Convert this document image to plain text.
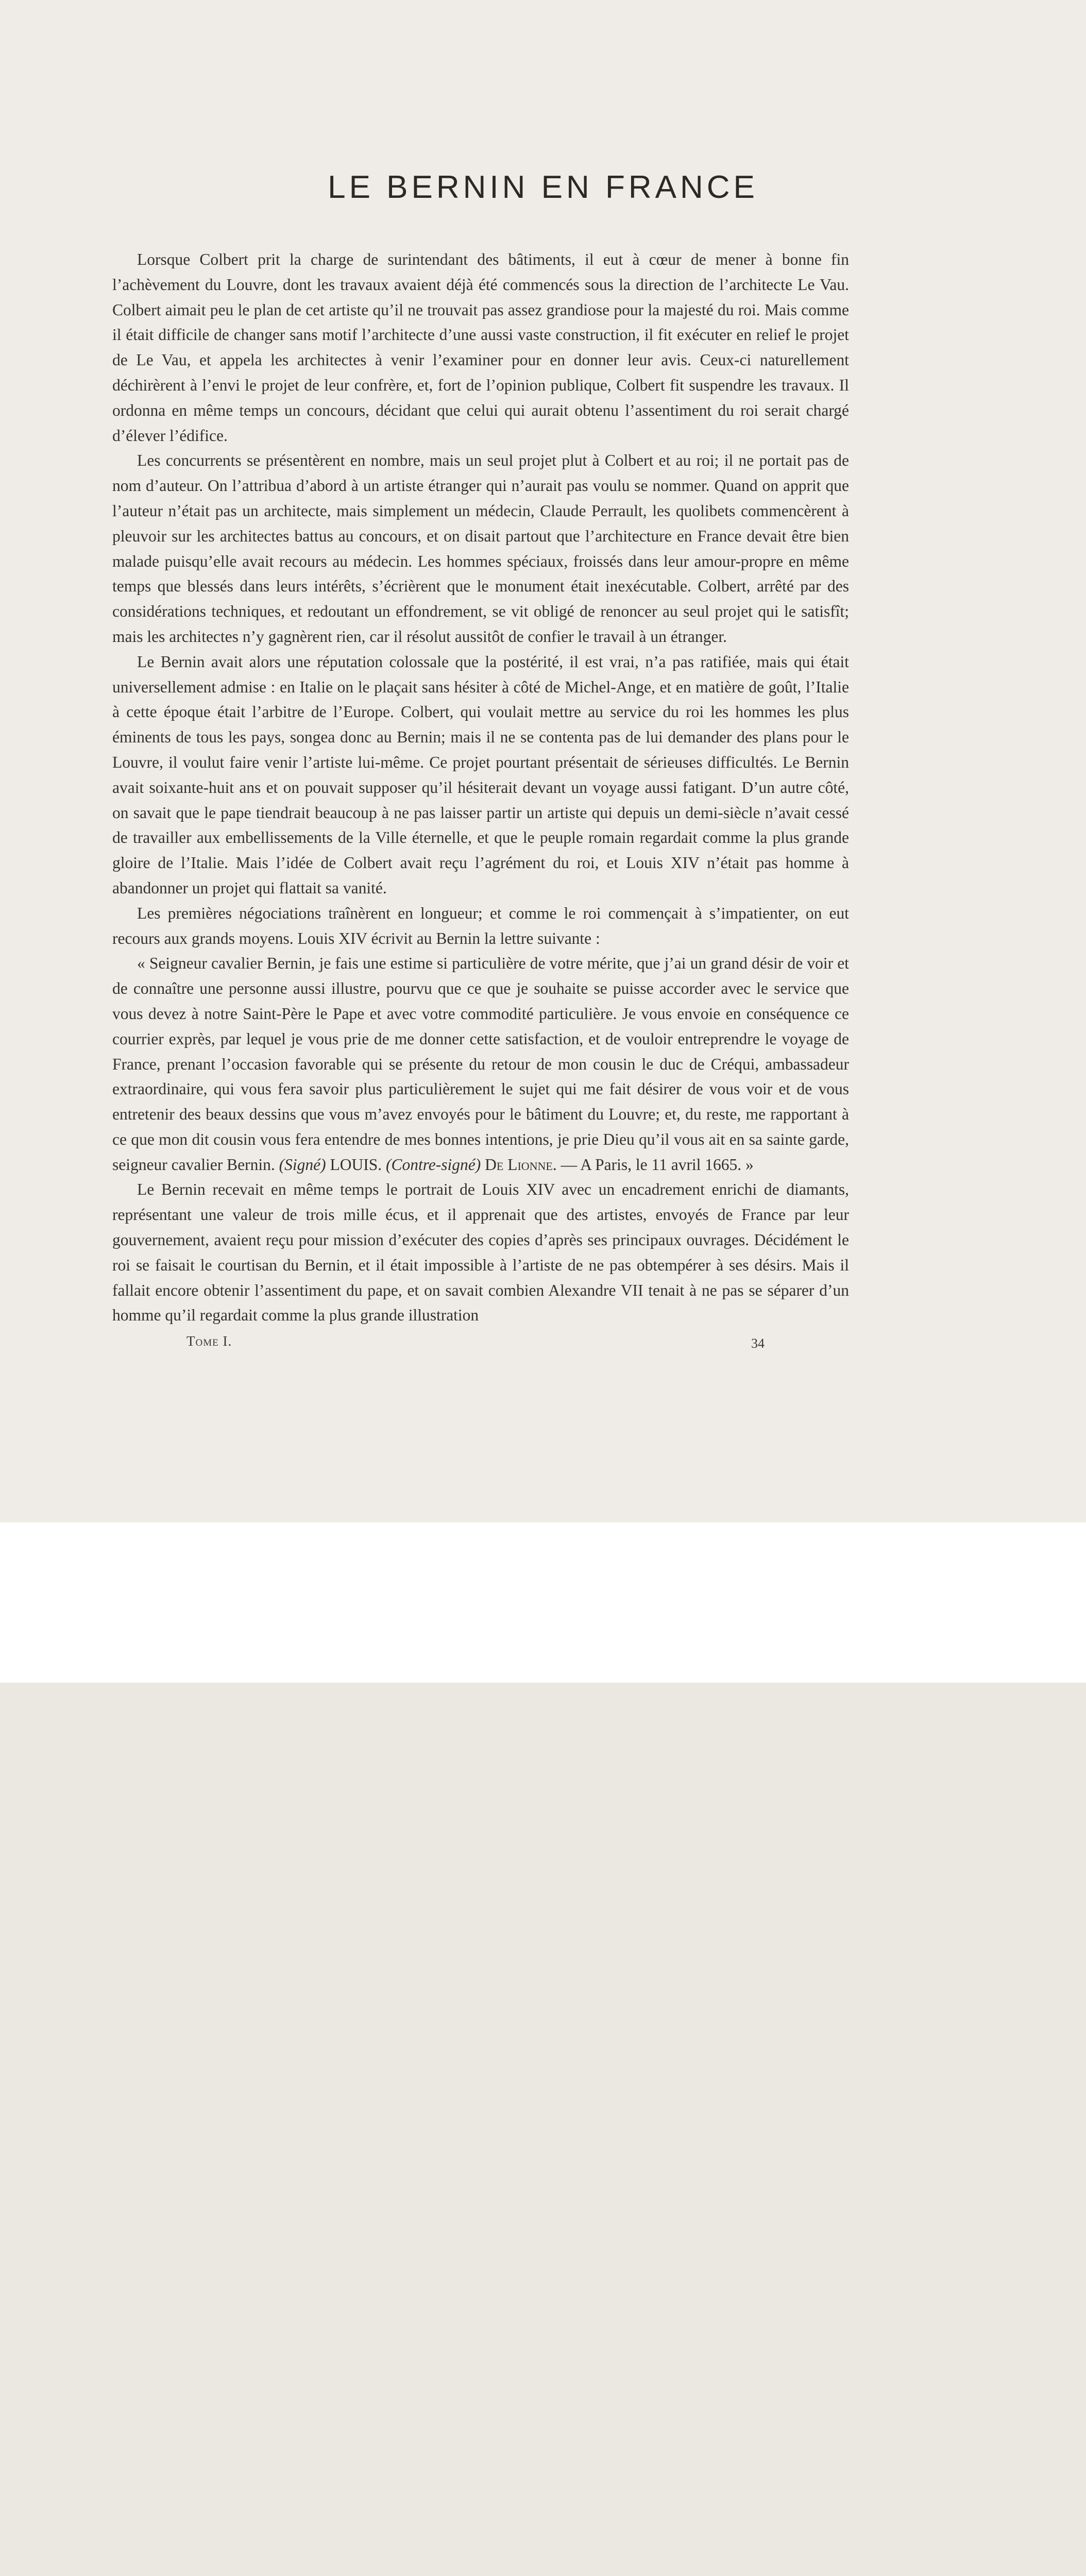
LE BERNIN EN FRANCE

Lorsque Colbert prit la charge de surintendant des bâtiments, il eut à cœur de mener à bonne fin l’achèvement du Louvre, dont les travaux avaient déjà été commencés sous la direction de l’architecte Le Vau. Colbert aimait peu le plan de cet artiste qu’il ne trouvait pas assez grandiose pour la majesté du roi. Mais comme il était difficile de changer sans motif l’architecte d’une aussi vaste construction, il fit exécuter en relief le projet de Le Vau, et appela les architectes à venir l’examiner pour en donner leur avis. Ceux-ci naturellement déchirèrent à l’envi le projet de leur confrère, et, fort de l’opinion publique, Colbert fit suspendre les travaux. Il ordonna en même temps un concours, décidant que celui qui aurait obtenu l’assentiment du roi serait chargé d’élever l’édifice.

Les concurrents se présentèrent en nombre, mais un seul projet plut à Colbert et au roi; il ne portait pas de nom d’auteur. On l’attribua d’abord à un artiste étranger qui n’aurait pas voulu se nommer. Quand on apprit que l’auteur n’était pas un architecte, mais simplement un médecin, Claude Perrault, les quolibets commencèrent à pleuvoir sur les architectes battus au concours, et on disait partout que l’architecture en France devait être bien malade puisqu’elle avait recours au médecin. Les hommes spéciaux, froissés dans leur amour-propre en même temps que blessés dans leurs intérêts, s’écrièrent que le monument était inexécutable. Colbert, arrêté par des considérations techniques, et redoutant un effondrement, se vit obligé de renoncer au seul projet qui le satisfît; mais les architectes n’y gagnèrent rien, car il résolut aussitôt de confier le travail à un étranger.

Le Bernin avait alors une réputation colossale que la postérité, il est vrai, n’a pas ratifiée, mais qui était universellement admise : en Italie on le plaçait sans hésiter à côté de Michel-Ange, et en matière de goût, l’Italie à cette époque était l’arbitre de l’Europe. Colbert, qui voulait mettre au service du roi les hommes les plus éminents de tous les pays, songea donc au Bernin; mais il ne se contenta pas de lui demander des plans pour le Louvre, il voulut faire venir l’artiste lui-même. Ce projet pourtant présentait de sérieuses difficultés. Le Bernin avait soixante-huit ans et on pouvait supposer qu’il hésiterait devant un voyage aussi fatigant. D’un autre côté, on savait que le pape tiendrait beaucoup à ne pas laisser partir un artiste qui depuis un demi-siècle n’avait cessé de travailler aux embellissements de la Ville éternelle, et que le peuple romain regardait comme la plus grande gloire de l’Italie. Mais l’idée de Colbert avait reçu l’agrément du roi, et Louis XIV n’était pas homme à abandonner un projet qui flattait sa vanité.

Les premières négociations traînèrent en longueur; et comme le roi commençait à s’impatienter, on eut recours aux grands moyens. Louis XIV écrivit au Bernin la lettre suivante :

« Seigneur cavalier Bernin, je fais une estime si particulière de votre mérite, que j’ai un grand désir de voir et de connaître une personne aussi illustre, pourvu que ce que je souhaite se puisse accorder avec le service que vous devez à notre Saint-Père le Pape et avec votre commodité particulière. Je vous envoie en conséquence ce courrier exprès, par lequel je vous prie de me donner cette satisfaction, et de vouloir entreprendre le voyage de France, prenant l’occasion favorable qui se présente du retour de mon cousin le duc de Créqui, ambassadeur extraordinaire, qui vous fera savoir plus particulièrement le sujet qui me fait désirer de vous voir et de vous entretenir des beaux dessins que vous m’avez envoyés pour le bâtiment du Louvre; et, du reste, me rapportant à ce que mon dit cousin vous fera entendre de mes bonnes intentions, je prie Dieu qu’il vous ait en sa sainte garde, seigneur cavalier Bernin. (Signé) LOUIS. (Contre-signé) De Lionne. — A Paris, le 11 avril 1665. »

Le Bernin recevait en même temps le portrait de Louis XIV avec un encadrement enrichi de diamants, représentant une valeur de trois mille écus, et il apprenait que des artistes, envoyés de France par leur gouvernement, avaient reçu pour mission d’exécuter des copies d’après ses principaux ouvrages. Décidément le roi se faisait le courtisan du Bernin, et il était impossible à l’artiste de ne pas obtempérer à ses désirs. Mais il fallait encore obtenir l’assentiment du pape, et on savait combien Alexandre VII tenait à ne pas se séparer d’un homme qu’il regardait comme la plus grande illustration

Tome I.	34
